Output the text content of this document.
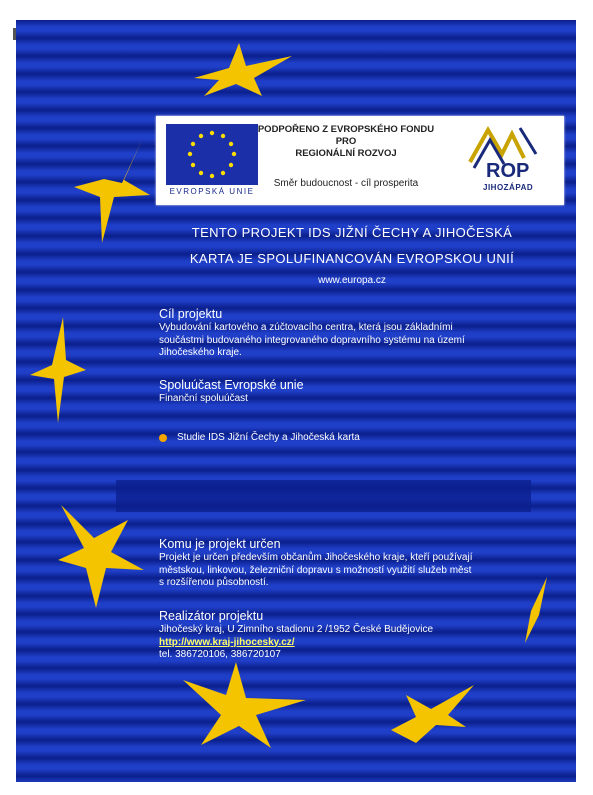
EVROPSKÁ UNIE
PODPOŘENO Z EVROPSKÉHO FONDU
PRO
REGIONÁLNÍ ROZVOJ
Směr budoucnost - cíl prosperita
ROP
JIHOZÁPAD
TENTO PROJEKT IDS JIŽNÍ ČECHY A JIHOČESKÁ
KARTA JE SPOLUFINANCOVÁN EVROPSKOU UNIÍ
www.europa.cz
Cíl projektu
Vybudování kartového a zúčtovacího centra, která jsou základními
součástmi budovaného integrovaného dopravního systému na území
Jihočeského kraje.
Spoluúčast Evropské unie
Finanční spoluúčast
Studie IDS Jižní Čechy a Jihočeská karta
Komu je projekt určen
Projekt je určen především občanům Jihočeského kraje, kteří používají
městskou, linkovou, železniční dopravu s možností využití služeb měst
s rozšířenou působností.
Realizátor projektu
Jihočeský kraj, U Zimního stadionu 2 /1952 České Budějovice
http://www.kraj-jihocesky.cz/
tel. 386720106, 386720107
